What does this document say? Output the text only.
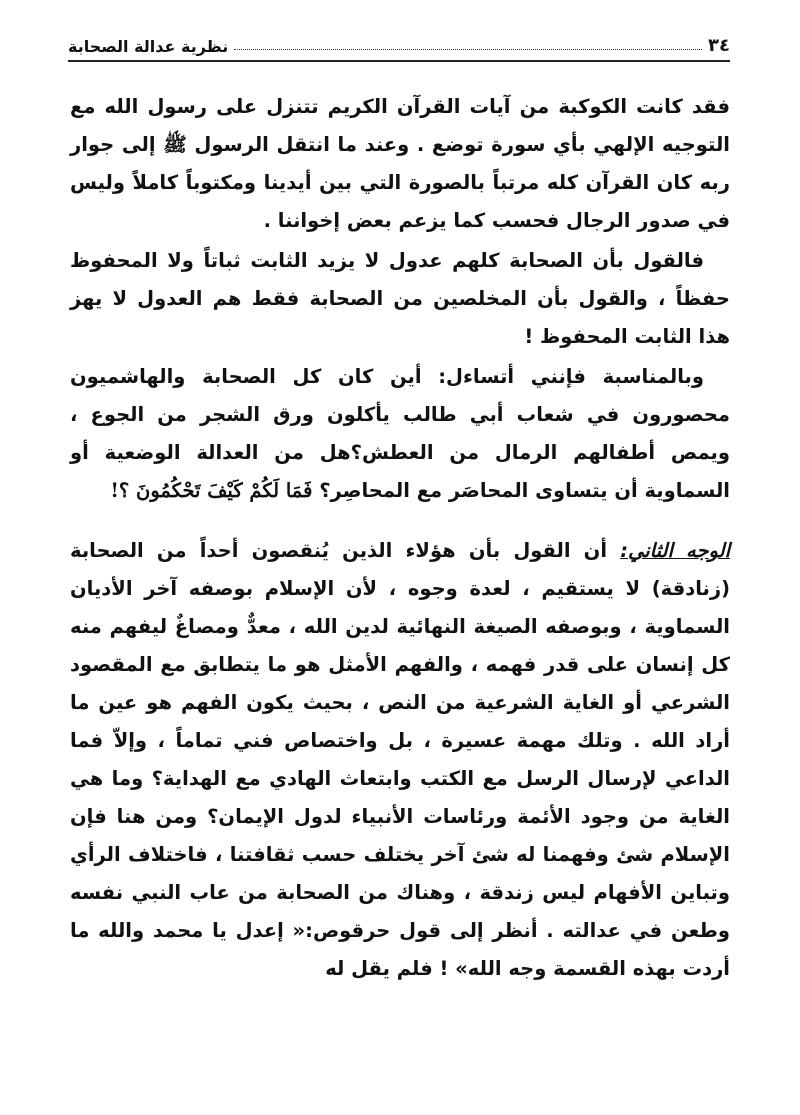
٣٤
نظرية عدالة الصحابة

فقد كانت الكوكبة من آيات القرآن الكريم تتنزل على رسول الله مع التوجيه الإلهي بأي سورة توضع . وعند ما انتقل الرسول ﷺ إلى جوار ربه كان القرآن كله مرتباً بالصورة التي بين أيدينا ومكتوباً كاملاً وليس في صدور الرجال فحسب كما يزعم بعض إخواننا .

فالقول بأن الصحابة كلهم عدول لا يزيد الثابت ثباتاً ولا المحفوظ حفظاً ، والقول بأن المخلصين من الصحابة فقط هم العدول لا يهز هذا الثابت المحفوظ !

وبالمناسبة فإنني أتساءل: أين كان كل الصحابة والهاشميون محصورون في شعاب أبي طالب يأكلون ورق الشجر من الجوع ، ويمص أطفالهم الرمال من العطش؟هل من العدالة الوضعية أو السماوية أن يتساوى المحاصَر مع المحاصِر؟ فَمَا لَكُمْ كَيْفَ تَحْكُمُونَ ؟!

الوجه الثاني: أن القول بأن هؤلاء الذين يُنقصون أحداً من الصحابة (زنادقة) لا يستقيم ، لعدة وجوه ، لأن الإسلام بوصفه آخر الأديان السماوية ، وبوصفه الصيغة النهائية لدين الله ، معدٌّ ومصاغٌ ليفهم منه كل إنسان على قدر فهمه ، والفهم الأمثل هو ما يتطابق مع المقصود الشرعي أو الغاية الشرعية من النص ، بحيث يكون الفهم هو عين ما أراد الله . وتلك مهمة عسيرة ، بل واختصاص فني تماماً ، وإلاّ فما الداعي لإرسال الرسل مع الكتب وابتعاث الهادي مع الهداية؟ وما هي الغاية من وجود الأئمة ورئاسات الأنبياء لدول الإيمان؟ ومن هنا فإن الإسلام شئ وفهمنا له شئ آخر يختلف حسب ثقافتنا ، فاختلاف الرأي وتباين الأفهام ليس زندقة ، وهناك من الصحابة من عاب النبي نفسه وطعن في عدالته . أنظر إلى قول حرقوص:« إعدل يا محمد والله ما أردت بهذه القسمة وجه الله» ! فلم يقل له
